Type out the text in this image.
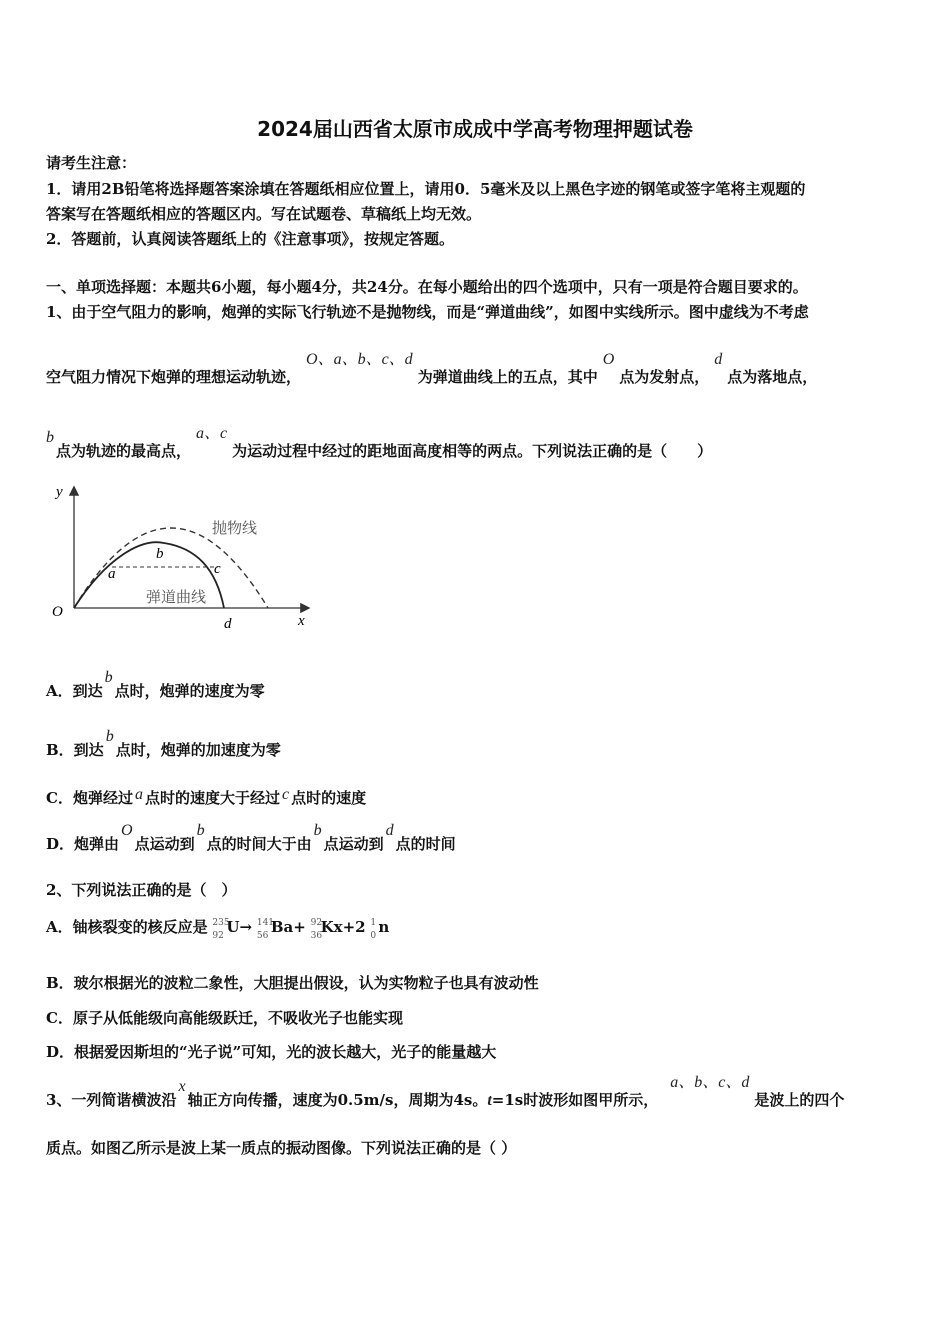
2024届山西省太原市成成中学高考物理押题试卷
请考生注意：
1．请用2B铅笔将选择题答案涂填在答题纸相应位置上，请用0．5毫米及以上黑色字迹的钢笔或签字笔将主观题的
答案写在答题纸相应的答题区内。写在试题卷、草稿纸上均无效。
2．答题前，认真阅读答题纸上的《注意事项》，按规定答题。
一、单项选择题：本题共6小题，每小题4分，共24分。在每小题给出的四个选项中，只有一项是符合题目要求的。
1、由于空气阻力的影响，炮弹的实际飞行轨迹不是抛物线，而是“弹道曲线”，如图中实线所示。图中虚线为不考虑
空气阻力情况下炮弹的理想运动轨迹，O、a、b、c、d为弹道曲线上的五点，其中O点为发射点，d点为落地点，
b点为轨迹的最高点，a、c为运动过程中经过的距地面高度相等的两点。下列说法正确的是（　　）
y
x
O
a
b
c
d
抛物线
弹道曲线
A．到达b点时，炮弹的速度为零
B．到达b点时，炮弹的加速度为零
C．炮弹经过 a 点时的速度大于经过 c 点时的速度
D．炮弹由O点运动到b点的时间大于由b点运动到d点的时间
2、下列说法正确的是（　）
A．铀核裂变的核反应是 235
92 U→ 141
56 Ba+ 92
36
Kx+2 1
0 n
B．玻尔根据光的波粒二象性，大胆提出假设，认为实物粒子也具有波动性
C．原子从低能级向高能级跃迁，不吸收光子也能实现
D．根据爱因斯坦的“光子说”可知，光的波长越大，光子的能量越大
3、一列简谐横波沿x轴正方向传播，速度为0.5m/s，周期为4s。t=1s时波形如图甲所示，a、b、c、d是波上的四个
质点。如图乙所示是波上某一质点的振动图像。下列说法正确的是（ ）
